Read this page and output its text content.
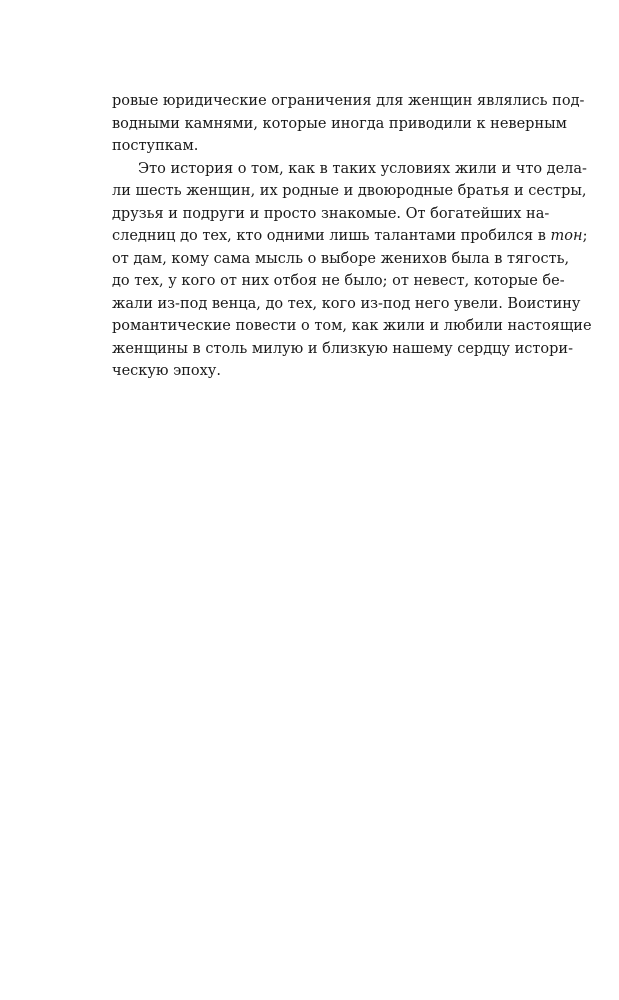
ровые юридические ограничения для женщин являлись под-
водными камнями, которые иногда приводили к неверным
поступкам.
Это история о том, как в таких условиях жили и что дела-
ли шесть женщин, их родные и двоюродные братья и сестры,
друзья и подруги и просто знакомые. От богатейших на-
следниц до тех, кто одними лишь талантами пробился в тон;
от дам, кому сама мысль о выборе женихов была в тягость,
до тех, у кого от них отбоя не было; от невест, которые бе-
жали из-под венца, до тех, кого из-под него увели. Воистину
романтические повести о том, как жили и любили настоящие
женщины в столь милую и близкую нашему сердцу истори-
ческую эпоху.
